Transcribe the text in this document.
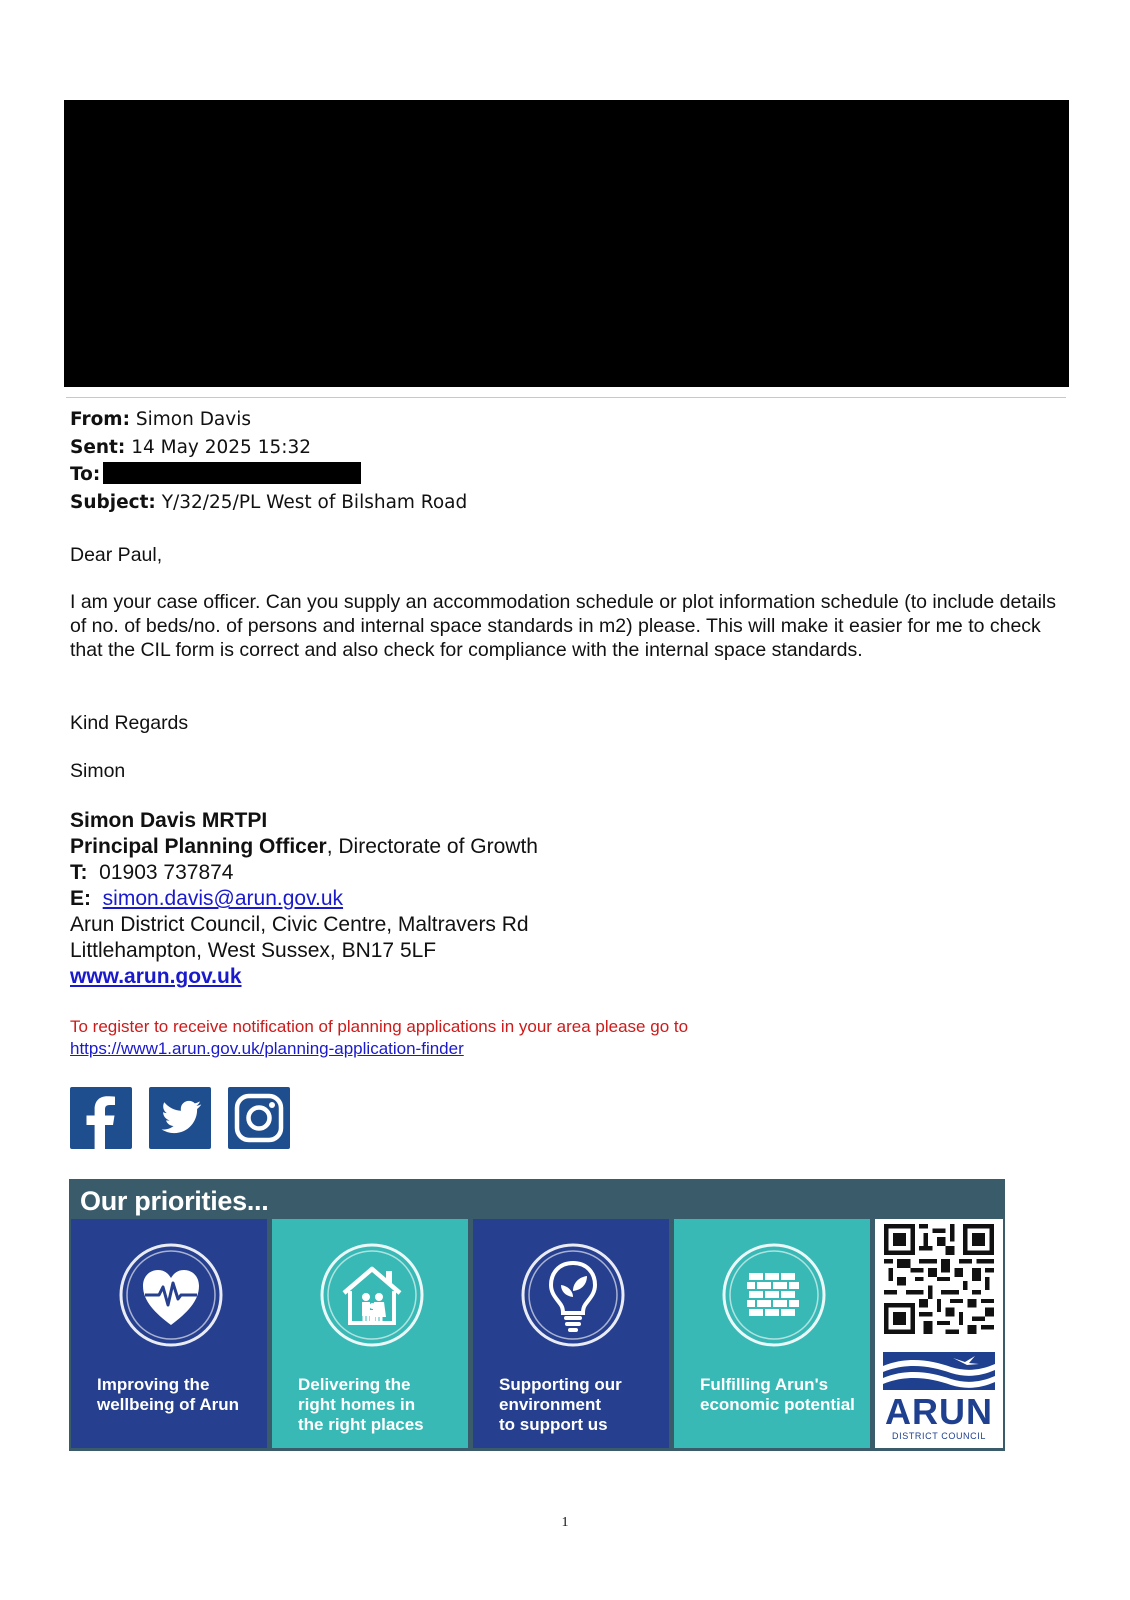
From: Simon Davis
Sent: 14 May 2025 15:32
To:
Subject: Y/32/25/PL West of Bilsham Road
Dear Paul,
I am your case officer. Can you supply an accommodation schedule or plot information schedule (to include details of no. of beds/no. of persons and internal space standards in m2) please. This will make it easier for me to check that the CIL form is correct and also check for compliance with the internal space standards.
Kind Regards
Simon
Simon Davis MRTPI
Principal Planning Officer, Directorate of Growth
T: 01903 737874
E: simon.davis@arun.gov.uk
Arun District Council, Civic Centre, Maltravers Rd
Littlehampton, West Sussex, BN17 5LF
www.arun.gov.uk
To register to receive notification of planning applications in your area please go to
https://www1.arun.gov.uk/planning-application-finder
Our priorities...
Improving the
wellbeing of Arun
Delivering the
right homes in
the right places
Supporting our
environment
to support us
Fulfilling Arun's
economic potential ARUN
DISTRICT COUNCIL
1
